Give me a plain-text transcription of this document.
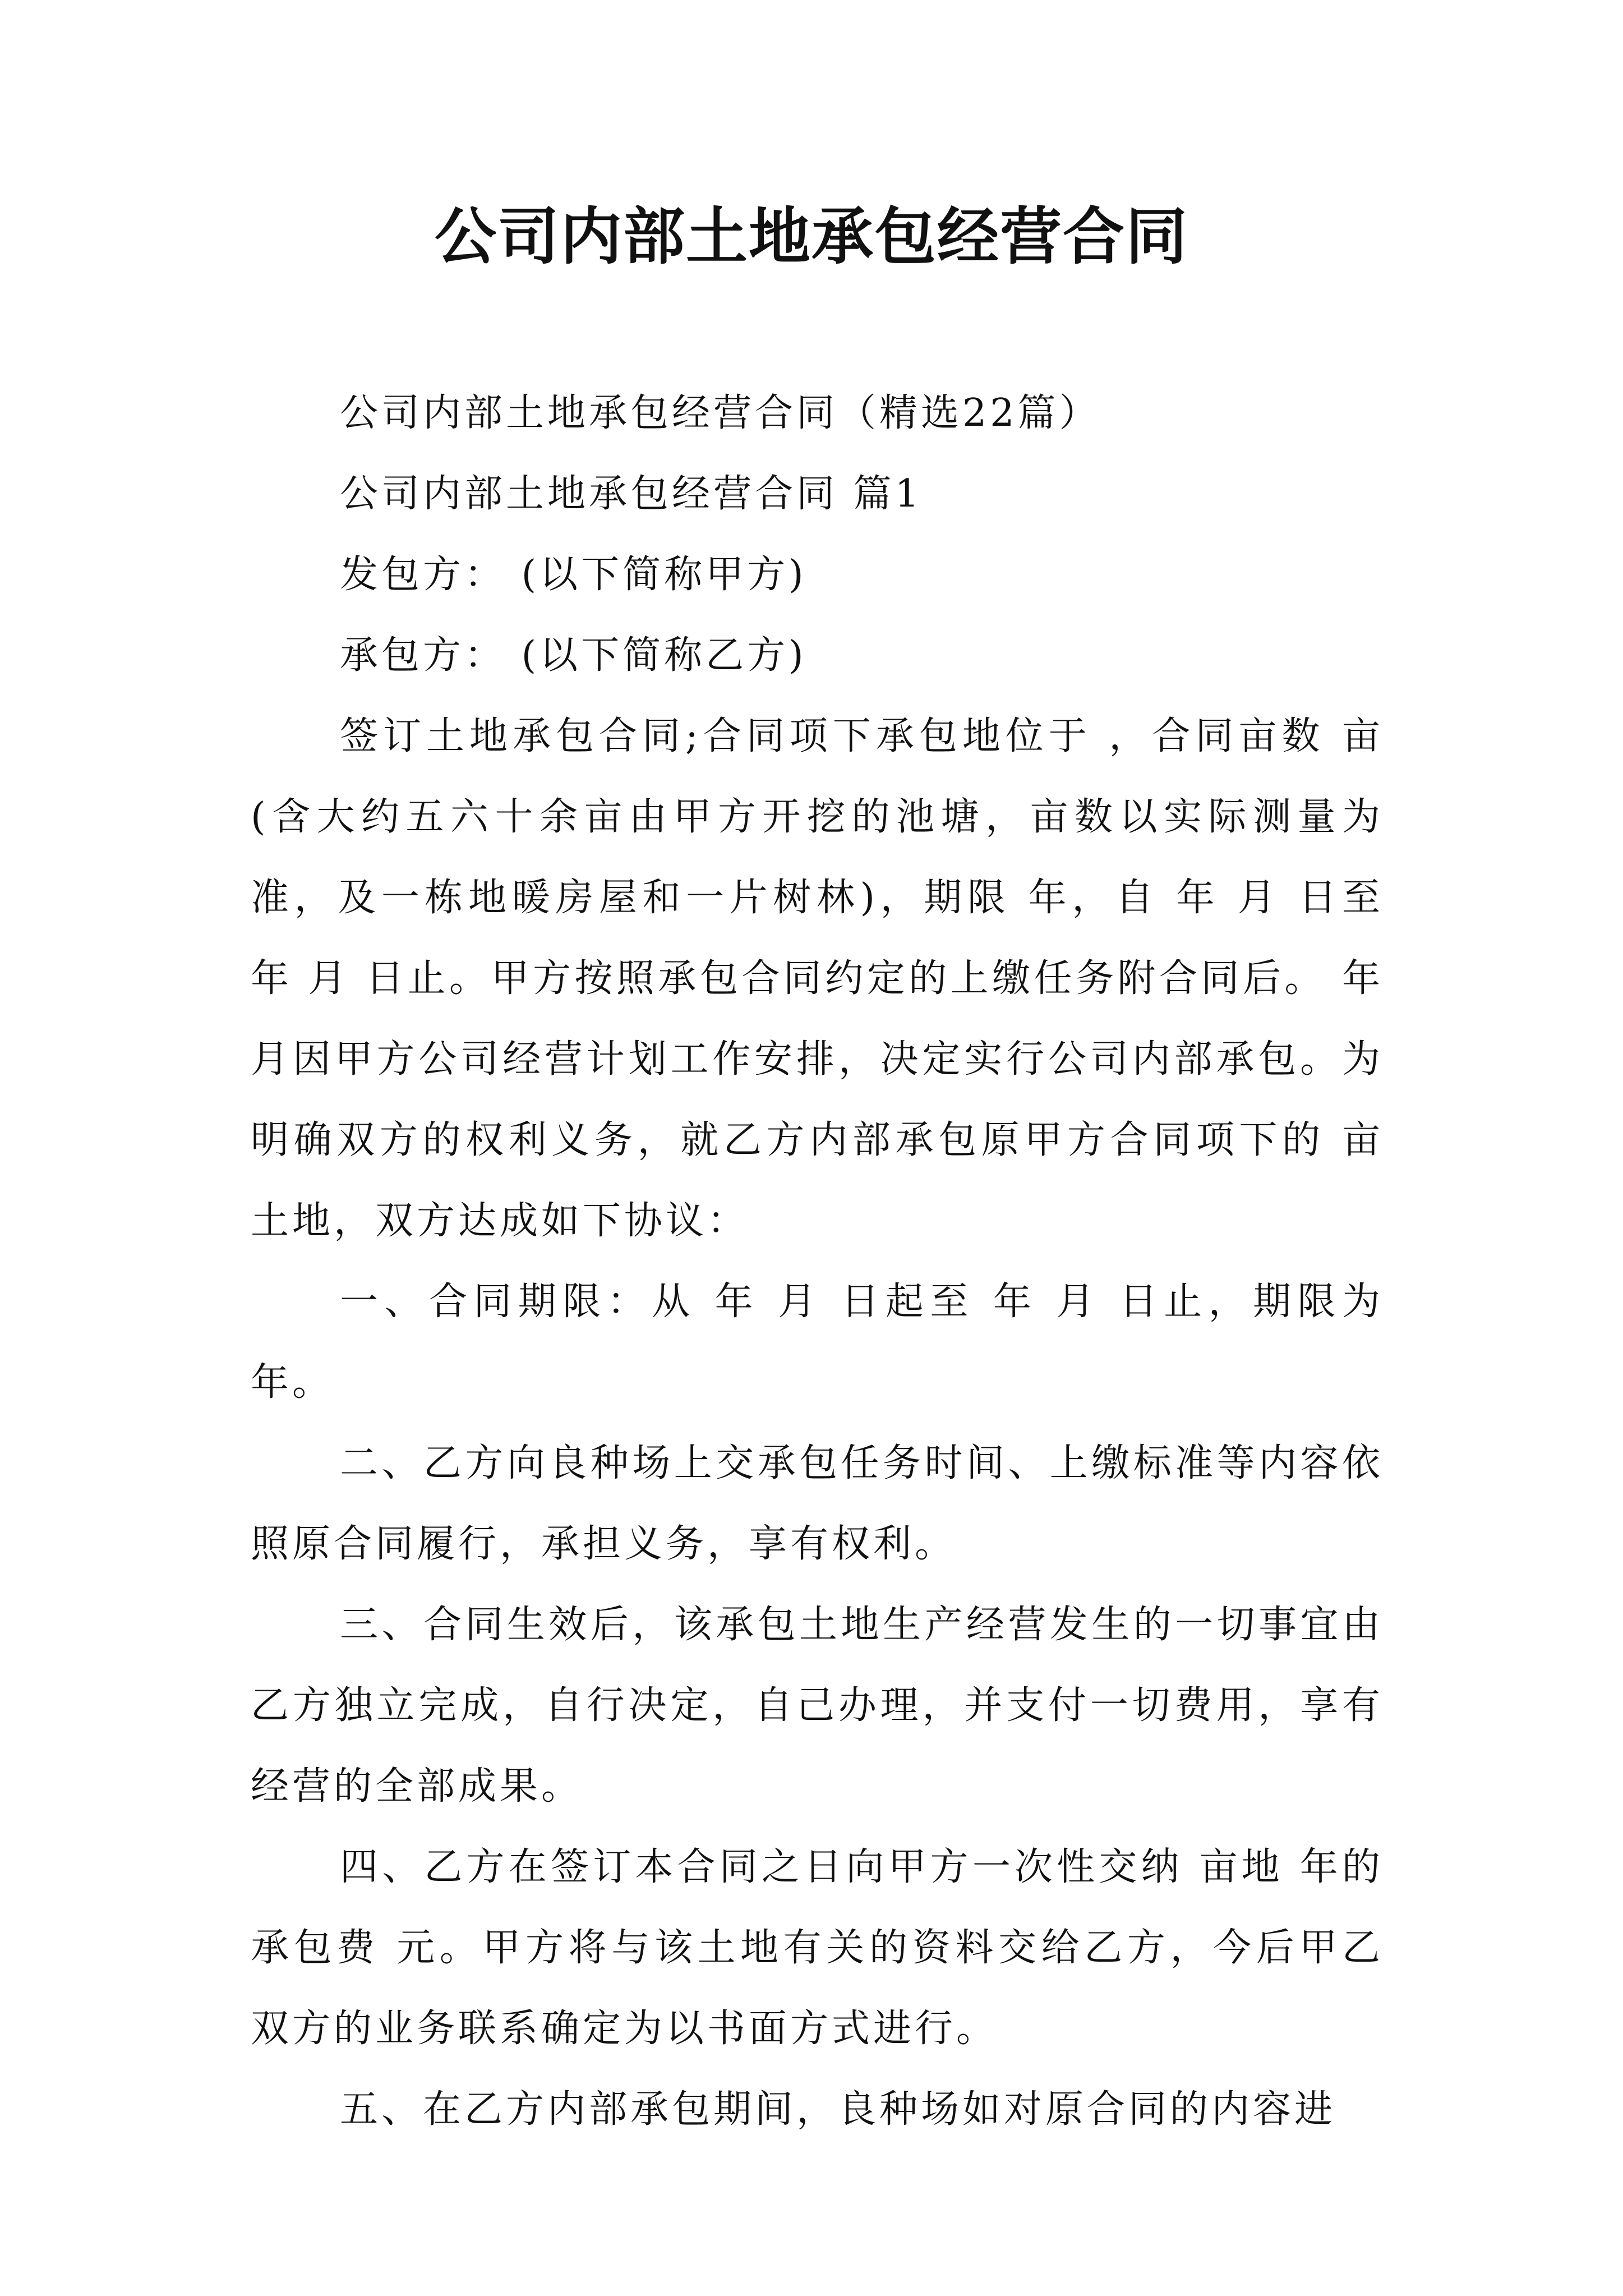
公司内部土地承包经营合同

公司内部土地承包经营合同（精选22篇）

公司内部土地承包经营合同 篇1

发包方： (以下简称甲方)

承包方： (以下简称乙方)

签订土地承包合同;合同项下承包地位于 ，合同亩数 亩(含大约五六十余亩由甲方开挖的池塘，亩数以实际测量为准，及一栋地暖房屋和一片树林)，期限 年，自 年 月 日至 年 月 日止。甲方按照承包合同约定的上缴任务附合同后。 年 月因甲方公司经营计划工作安排，决定实行公司内部承包。为明确双方的权利义务，就乙方内部承包原甲方合同项下的 亩土地，双方达成如下协议：

一、合同期限：从 年 月 日起至 年 月 日止，期限为 年。

二、乙方向良种场上交承包任务时间、上缴标准等内容依照原合同履行，承担义务，享有权利。

三、合同生效后，该承包土地生产经营发生的一切事宜由乙方独立完成，自行决定，自己办理，并支付一切费用，享有经营的全部成果。

四、乙方在签订本合同之日向甲方一次性交纳 亩地 年的承包费 元。甲方将与该土地有关的资料交给乙方，今后甲乙双方的业务联系确定为以书面方式进行。

五、在乙方内部承包期间，良种场如对原合同的内容进
